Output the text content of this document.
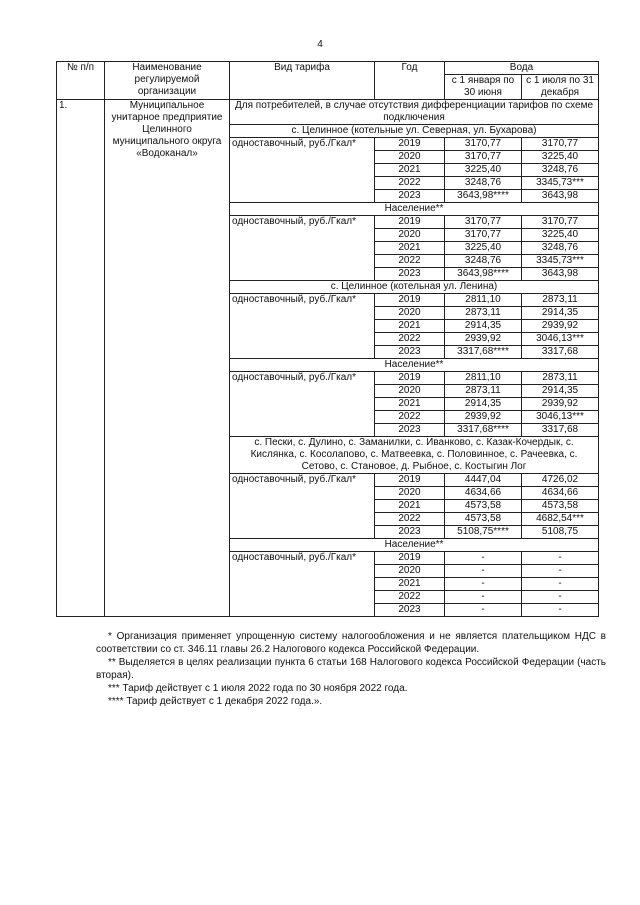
4
№ п/п	Наименование регулируемой организации	Вид тарифа	Год	Вода	
				с 1 января по 30 июня	с 1 июля по 31 декабря
1.	Муниципальное унитарное предприятие Целинного муниципального округа «Водоканал»	Для потребителей, в случае отсутствия дифференциации тарифов по схеме подключения			
		с. Целинное (котельные ул. Северная, ул. Бухарова)			
		одноставочный, руб./Гкал*	2019	3170,77	3170,77
			2020	3170,77	3225,40
			2021	3225,40	3248,76
			2022	3248,76	3345,73***
			2023	3643,98****	3643,98
		Население**			
		одноставочный, руб./Гкал*	2019	3170,77	3170,77
			2020	3170,77	3225,40
			2021	3225,40	3248,76
			2022	3248,76	3345,73***
			2023	3643,98****	3643,98
		с. Целинное (котельная ул. Ленина)			
		одноставочный, руб./Гкал*	2019	2811,10	2873,11
			2020	2873,11	2914,35
			2021	2914,35	2939,92
			2022	2939,92	3046,13***
			2023	3317,68****	3317,68
		Население**			
		одноставочный, руб./Гкал*	2019	2811,10	2873,11
			2020	2873,11	2914,35
			2021	2914,35	2939,92
			2022	2939,92	3046,13***
			2023	3317,68****	3317,68
		с. Пески, с. Дулино, с. Заманилки, с. Иванково, с. Казак-Кочердык, с. Кислянка, с. Косолапово, с. Матвеевка, с. Половинное, с. Рачеевка, с. Сетово, с. Становое, д. Рыбное, с. Костыгин Лог			
		одноставочный, руб./Гкал*	2019	4447,04	4726,02
			2020	4634,66	4634,66
			2021	4573,58	4573,58
			2022	4573,58	4682,54***
			2023	5108,75****	5108,75
		Население**			
		одноставочный, руб./Гкал*	2019	-	-
			2020	-	-
			2021	-	-
			2022	-	-
			2023	-	-

* Организация применяет упрощенную систему налогообложения и не является плательщиком НДС в соответствии со ст. 346.11 главы 26.2 Налогового кодекса Российской Федерации.

** Выделяется в целях реализации пункта 6 статьи 168 Налогового кодекса Российской Федерации (часть вторая).

*** Тариф действует с 1 июля 2022 года по 30 ноября 2022 года.

**** Тариф действует с 1 декабря 2022 года.».
